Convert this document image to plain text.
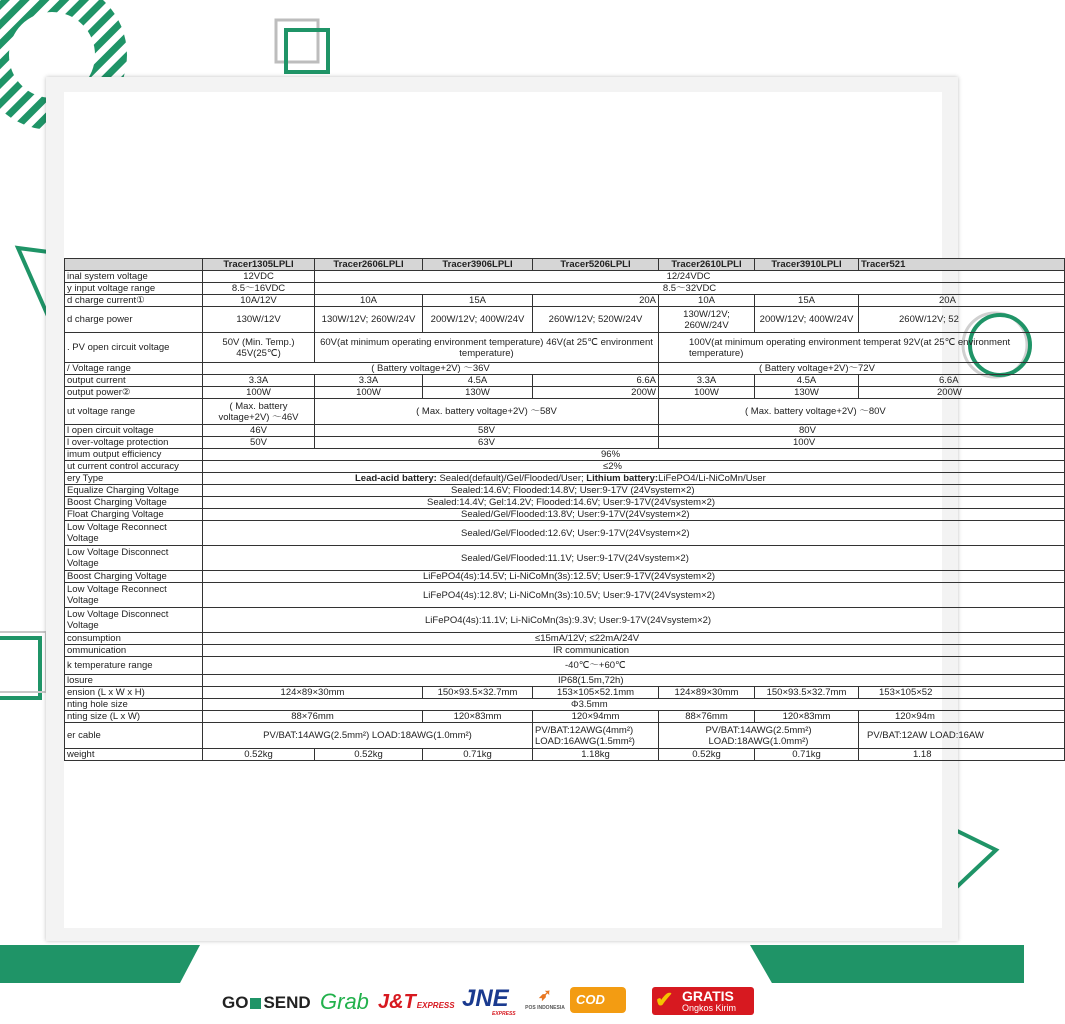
	Tracer1305LPLI	Tracer2606LPLI	Tracer3906LPLI	Tracer5206LPLI	Tracer2610LPLI	Tracer3910LPLI	Tracer521
inal system voltage	12VDC	12/24VDC					
y input voltage range	8.5～16VDC	8.5～32VDC					
d charge current①	10A/12V	10A	15A	20A	10A	15A	20A
d charge power	130W/12V	130W/12V; 260W/24V	200W/12V; 400W/24V	260W/12V; 520W/24V	130W/12V; 260W/24V	200W/12V; 400W/24V	260W/12V; 52
. PV open circuit voltage	50V (Min. Temp.) 45V(25℃)	60V(at minimum operating environment temperature) 46V(at 25℃ environment temperature)			100V(at minimum operating environment temperat 92V(at 25℃ environment temperature)		
/ Voltage range	( Battery voltage+2V) ～36V				( Battery voltage+2V)～72V		
output current	3.3A	3.3A	4.5A	6.6A	3.3A	4.5A	6.6A
output power②	100W	100W	130W	200W	100W	130W	200W
ut voltage range	( Max. battery voltage+2V) ～46V	( Max. battery voltage+2V) ～58V			( Max. battery voltage+2V) ～80V		
l open circuit voltage	46V	58V			80V		
l over-voltage protection	50V	63V			100V		
imum output efficiency	96%						
ut current control accuracy	≤2%						
ery Type	Lead-acid battery: Sealed(default)/Gel/Flooded/User; Lithium battery:LiFePO4/Li-NiCoMn/User						
Equalize Charging Voltage	Sealed:14.6V; Flooded:14.8V; User:9-17V (24Vsystem×2)						
Boost Charging Voltage	Sealed:14.4V; Gel:14.2V; Flooded:14.6V; User:9-17V(24Vsystem×2)						
Float Charging Voltage	Sealed/Gel/Flooded:13.8V; User:9-17V(24Vsystem×2)						
Low Voltage Reconnect Voltage	Sealed/Gel/Flooded:12.6V; User:9-17V(24Vsystem×2)						
Low Voltage Disconnect Voltage	Sealed/Gel/Flooded:11.1V; User:9-17V(24Vsystem×2)						
Boost Charging Voltage	LiFePO4(4s):14.5V; Li-NiCoMn(3s):12.5V; User:9-17V(24Vsystem×2)						
Low Voltage Reconnect Voltage	LiFePO4(4s):12.8V; Li-NiCoMn(3s):10.5V; User:9-17V(24Vsystem×2)						
Low Voltage Disconnect Voltage	LiFePO4(4s):11.1V; Li-NiCoMn(3s):9.3V; User:9-17V(24Vsystem×2)						
consumption	≤15mA/12V; ≤22mA/24V						
ommunication	IR communication						
k temperature range	-40℃～+60℃						
losure	IP68(1.5m,72h)						
ension (L x W x H)	124×89×30mm		150×93.5×32.7mm	153×105×52.1mm	124×89×30mm	150×93.5×32.7mm	153×105×52
nting hole size	Φ3.5mm						
nting size (L x W)	88×76mm		120×83mm	120×94mm	88×76mm	120×83mm	120×94m
er cable	PV/BAT:14AWG(2.5mm²) LOAD:18AWG(1.0mm²)			PV/BAT:12AWG(4mm²) LOAD:16AWG(1.5mm²)	PV/BAT:14AWG(2.5mm²) LOAD:18AWG(1.0mm²)		PV/BAT:12AW LOAD:16AW
weight	0.52kg	0.52kg	0.71kg	1.18kg	0.52kg	0.71kg	1.18
GO SEND Grab J&TEXPRESS JNE
EXPRESS
➶
POS INDONESIA
COD ✔ GRATIS
Ongkos Kirim
